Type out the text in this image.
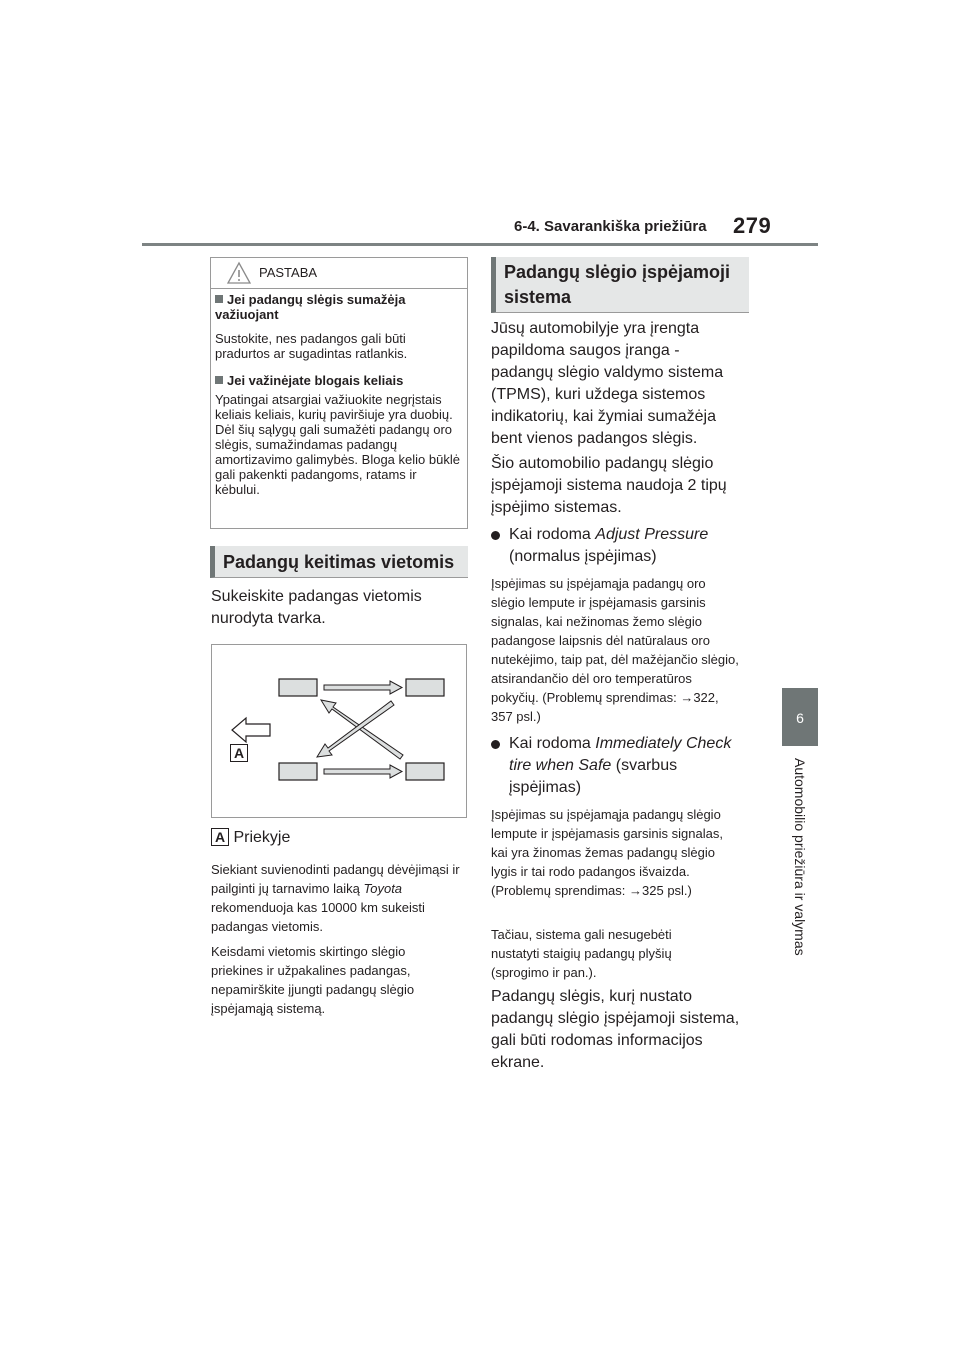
6-4. Savarankiška priežiūra 279
6
Automobilio priežiūra ir valymas
PASTABA
Jei padangų slėgis sumažėja važiuojant
Sustokite, nes padangos gali būti pradurtos ar sugadintas ratlankis.
Jei važinėjate blogais keliais
Ypatingai atsargiai važiuokite negrįstais keliais keliais, kurių paviršiuje yra duobių. Dėl šių sąlygų gali sumažėti padangų oro slėgis, sumažindamas padangų amortizavimo galimybės. Bloga kelio būklė gali pakenkti padangoms, ratams ir kėbului.
Padangų keitimas vietomis
Sukeiskite padangas vietomis nurodyta tvarka.
A
A Priekyje
Siekiant suvienodinti padangų dėvėjimąsi ir pailginti jų tarnavimo laiką Toyota rekomenduoja kas 10000 km sukeisti padangas vietomis.
Keisdami vietomis skirtingo slėgio priekines ir užpakalines padangas, nepamirškite įjungti padangų slėgio įspėjamąją sistemą.
Padangų slėgio įspėjamoji
sistema
Jūsų automobilyje yra įrengta papildoma saugos įranga - padangų slėgio valdymo sistema (TPMS), kuri uždega sistemos indikatorių, kai žymiai sumažėja bent vienos padangos slėgis.
Šio automobilio padangų slėgio įspėjamoji sistema naudoja 2 tipų įspėjimo sistemas.
Kai rodoma Adjust Pressure
(normalus įspėjimas)
Įspėjimas su įspėjamąja padangų oro slėgio lempute ir įspėjamasis garsinis signalas, kai nežinomas žemo slėgio padangose laipsnis dėl natūralaus oro nutekėjimo, taip pat, dėl mažėjančio slėgio, atsirandančio dėl oro temperatūros pokyčių. (Problemų sprendimas: →322, 357 psl.)
Kai rodoma Immediately Check
tire when Safe (svarbus įspėjimas)
Įspėjimas su įspėjamąja padangų slėgio lempute ir įspėjamasis garsinis signalas, kai yra žinomas žemas padangų slėgio lygis ir tai rodo padangos išvaizda. (Problemų sprendimas: →325 psl.)
Tačiau, sistema gali nesugebėti nustatyti staigių padangų plyšių (sprogimo ir pan.).
Padangų slėgis, kurį nustato padangų slėgio įspėjamoji sistema, gali būti rodomas informacijos ekrane.
